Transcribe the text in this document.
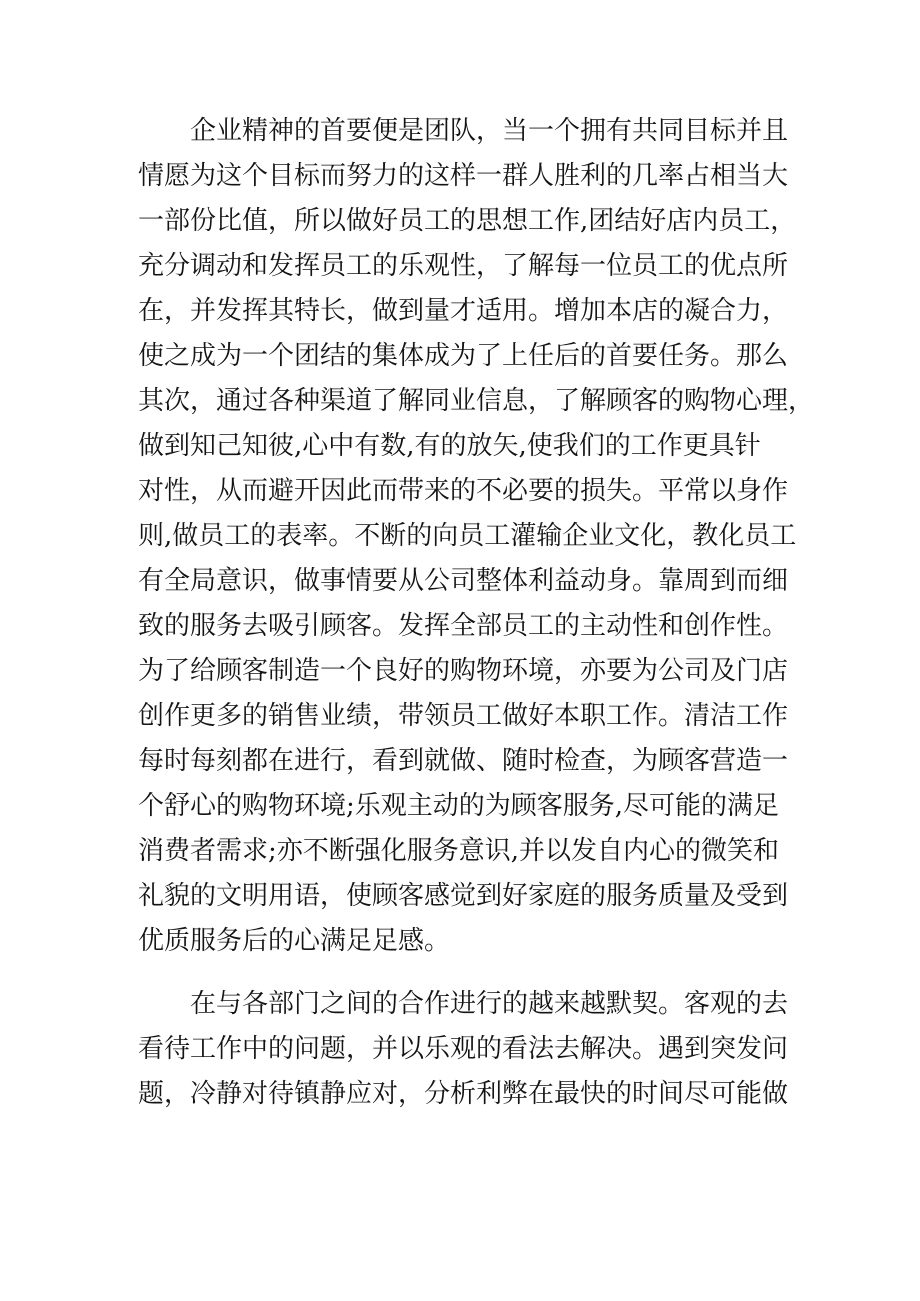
企业精神的首要便是团队，当一个拥有共同目标并且
情愿为这个目标而努力的这样一群人胜利的几率占相当大
一部份比值，所以做好员工的思想工作,团结好店内员工，
充分调动和发挥员工的乐观性，了解每一位员工的优点所
在，并发挥其特长，做到量才适用。增加本店的凝合力，
使之成为一个团结的集体成为了上任后的首要任务。那么
其次，通过各种渠道了解同业信息，了解顾客的购物心理，
做到知己知彼,心中有数,有的放矢,使我们的工作更具针
对性，从而避开因此而带来的不必要的损失。平常以身作
则,做员工的表率。不断的向员工灌输企业文化，教化员工
有全局意识，做事情要从公司整体利益动身。靠周到而细
致的服务去吸引顾客。发挥全部员工的主动性和创作性。
为了给顾客制造一个良好的购物环境，亦要为公司及门店
创作更多的销售业绩，带领员工做好本职工作。清洁工作
每时每刻都在进行，看到就做、随时检查，为顾客营造一
个舒心的购物环境;乐观主动的为顾客服务,尽可能的满足
消费者需求;亦不断强化服务意识,并以发自内心的微笑和
礼貌的文明用语，使顾客感觉到好家庭的服务质量及受到
优质服务后的心满足足感。
在与各部门之间的合作进行的越来越默契。客观的去
看待工作中的问题，并以乐观的看法去解决。遇到突发问
题，冷静对待镇静应对，分析利弊在最快的时间尽可能做
